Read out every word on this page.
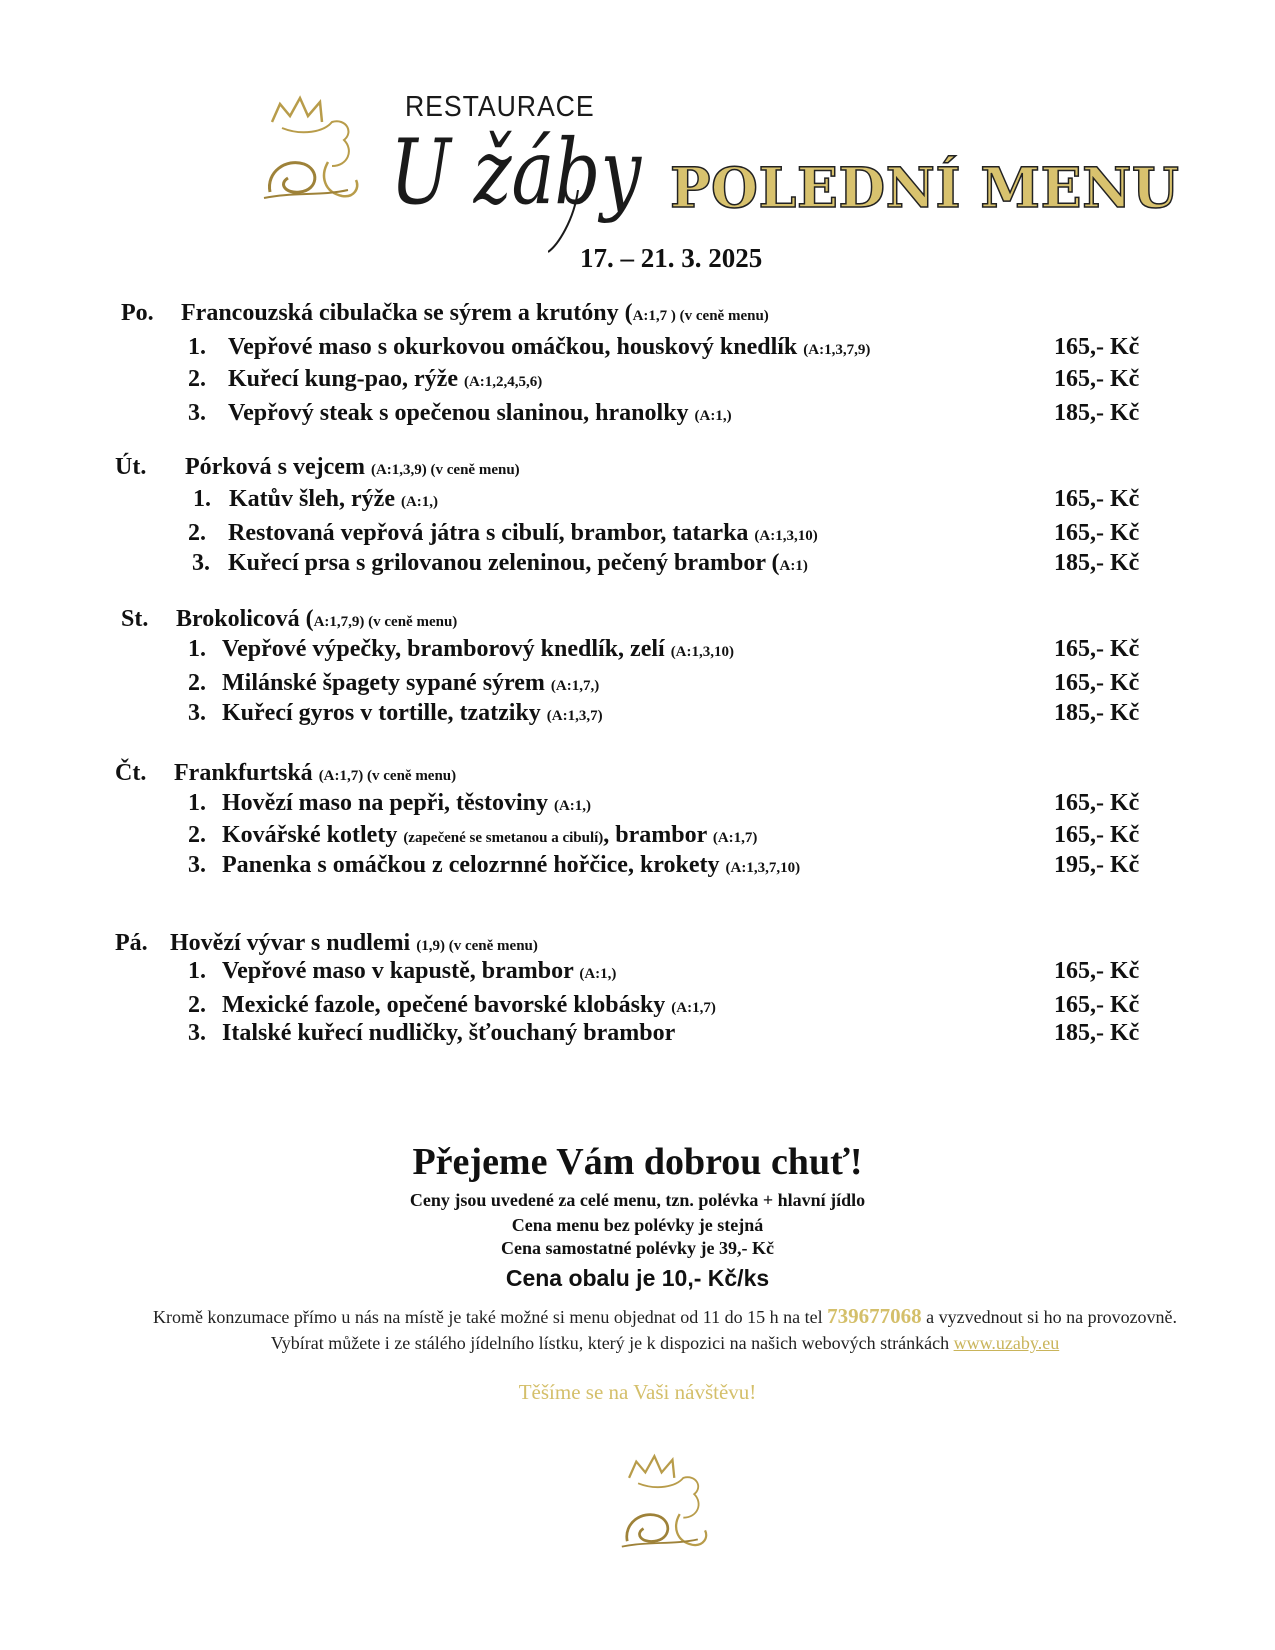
RESTAURACE
U žáby POLEDNÍ MENU
17. – 21. 3. 2025
Po. Francouzská cibulačka se sýrem a krutóny (A:1,7 ) (v ceně menu)
1. Vepřové maso s okurkovou omáčkou, houskový knedlík (A:1,3,7,9)	165,- Kč
2. Kuřecí kung-pao, rýže (A:1,2,4,5,6)	165,- Kč
3. Vepřový steak s opečenou slaninou, hranolky (A:1,)	185,- Kč
Út. Pórková s vejcem (A:1,3,9) (v ceně menu)
1. Katův šleh, rýže (A:1,)	165,- Kč
2. Restovaná vepřová játra s cibulí, brambor, tatarka (A:1,3,10)	165,- Kč
3. Kuřecí prsa s grilovanou zeleninou, pečený brambor (A:1)	185,- Kč
St. Brokolicová (A:1,7,9) (v ceně menu)
1. Vepřové výpečky, bramborový knedlík, zelí (A:1,3,10)	165,- Kč
2. Milánské špagety sypané sýrem (A:1,7,)	165,- Kč
3. Kuřecí gyros v tortille, tzatziky (A:1,3,7)	185,- Kč
Čt. Frankfurtská (A:1,7) (v ceně menu)
1. Hovězí maso na pepři, těstoviny (A:1,)	165,- Kč
2. Kovářské kotlety (zapečené se smetanou a cibulí), brambor (A:1,7)	165,- Kč
3. Panenka s omáčkou z celozrnné hořčice, krokety (A:1,3,7,10)	195,- Kč
Pá. Hovězí vývar s nudlemi (1,9) (v ceně menu)
1. Vepřové maso v kapustě, brambor (A:1,)	165,- Kč
2. Mexické fazole, opečené bavorské klobásky (A:1,7)	165,- Kč
3. Italské kuřecí nudličky, šťouchaný brambor	185,- Kč
Přejeme Vám dobrou chuť!
Ceny jsou uvedené za celé menu, tzn. polévka + hlavní jídlo
Cena menu bez polévky je stejná
Cena samostatné polévky je 39,- Kč
Cena obalu je 10,- Kč/ks
Kromě konzumace přímo u nás na místě je také možné si menu objednat od 11 do 15 h na tel 739677068 a vyzvednout si ho na provozovně. Vybírat můžete i ze stálého jídelního lístku, který je k dispozici na našich webových stránkách www.uzaby.eu
Těšíme se na Vaši návštěvu!
